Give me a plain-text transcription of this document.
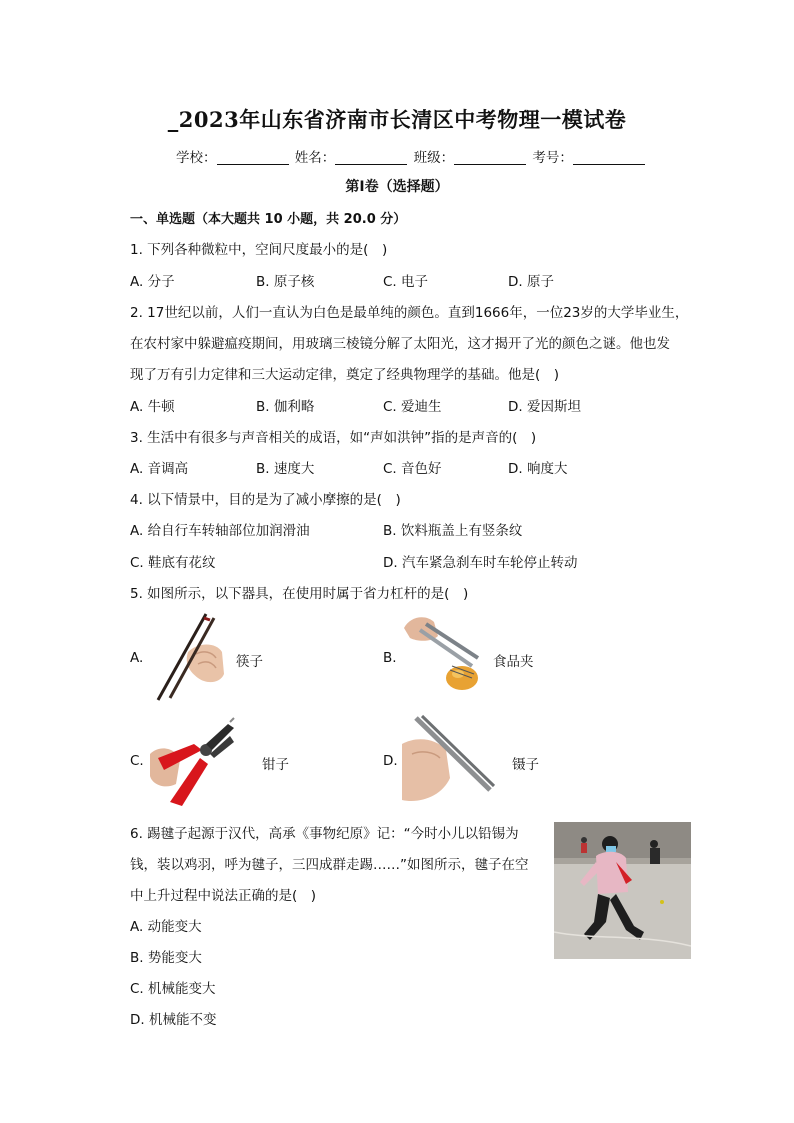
_2023年山东省济南市长清区中考物理一模试卷
学校：	姓名：	班级：	考号：
第Ⅰ卷（选择题）
一、单选题（本大题共 10 小题，共 20.0 分）
1. 下列各种微粒中，空间尺度最小的是(　)
A. 分子	B. 原子核	C. 电子	D. 原子
2. 17世纪以前，人们一直认为白色是最单纯的颜色。直到1666年，一位23岁的大学毕业生，
在农村家中躲避瘟疫期间，用玻璃三棱镜分解了太阳光，这才揭开了光的颜色之谜。他也发
现了万有引力定律和三大运动定律，奠定了经典物理学的基础。他是(　)
A. 牛顿	B. 伽利略	C. 爱迪生	D. 爱因斯坦
3. 生活中有很多与声音相关的成语，如“声如洪钟”指的是声音的(　)
A. 音调高	B. 速度大	C. 音色好	D. 响度大
4. 以下情景中，目的是为了减小摩擦的是(　)
A. 给自行车转轴部位加润滑油	B. 饮料瓶盖上有竖条纹
C. 鞋底有花纹	D. 汽车紧急刹车时车轮停止转动
5. 如图所示，以下器具，在使用时属于省力杠杆的是(　)
A.	筷子	B.	食品夹
C.	钳子	D.	镊子
6. 踢毽子起源于汉代，高承《事物纪原》记：“今时小儿以铅锡为
钱，装以鸡羽，呼为毽子，三四成群走踢……”如图所示，毽子在空
中上升过程中说法正确的是(　)
A. 动能变大
B. 势能变大
C. 机械能变大
D. 机械能不变
